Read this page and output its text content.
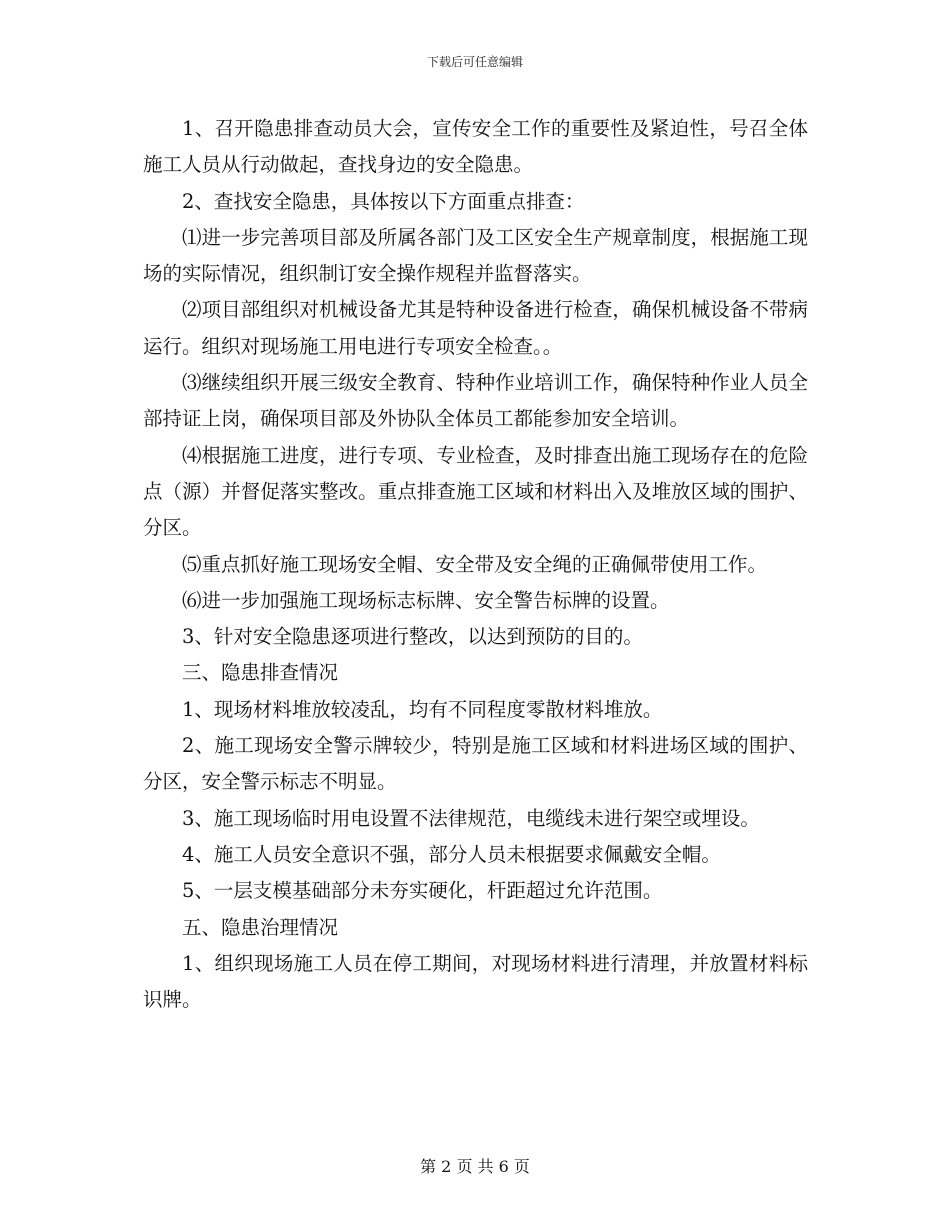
下载后可任意编辑

1、召开隐患排查动员大会，宣传安全工作的重要性及紧迫性，号召全体施工人员从行动做起，查找身边的安全隐患。

2、查找安全隐患，具体按以下方面重点排查：

⑴进一步完善项目部及所属各部门及工区安全生产规章制度，根据施工现场的实际情况，组织制订安全操作规程并监督落实。

⑵项目部组织对机械设备尤其是特种设备进行检查，确保机械设备不带病运行。组织对现场施工用电进行专项安全检查。。

⑶继续组织开展三级安全教育、特种作业培训工作，确保特种作业人员全部持证上岗，确保项目部及外协队全体员工都能参加安全培训。

⑷根据施工进度，进行专项、专业检查，及时排查出施工现场存在的危险点（源）并督促落实整改。重点排查施工区域和材料出入及堆放区域的围护、分区。

⑸重点抓好施工现场安全帽、安全带及安全绳的正确佩带使用工作。

⑹进一步加强施工现场标志标牌、安全警告标牌的设置。

3、针对安全隐患逐项进行整改，以达到预防的目的。

三、隐患排查情况

1、现场材料堆放较凌乱，均有不同程度零散材料堆放。

2、施工现场安全警示牌较少，特别是施工区域和材料进场区域的围护、分区，安全警示标志不明显。

3、施工现场临时用电设置不法律规范，电缆线未进行架空或埋设。

4、施工人员安全意识不强，部分人员未根据要求佩戴安全帽。

5、一层支模基础部分未夯实硬化，杆距超过允许范围。

五、隐患治理情况

1、组织现场施工人员在停工期间，对现场材料进行清理，并放置材料标识牌。

第 2 页 共 6 页
